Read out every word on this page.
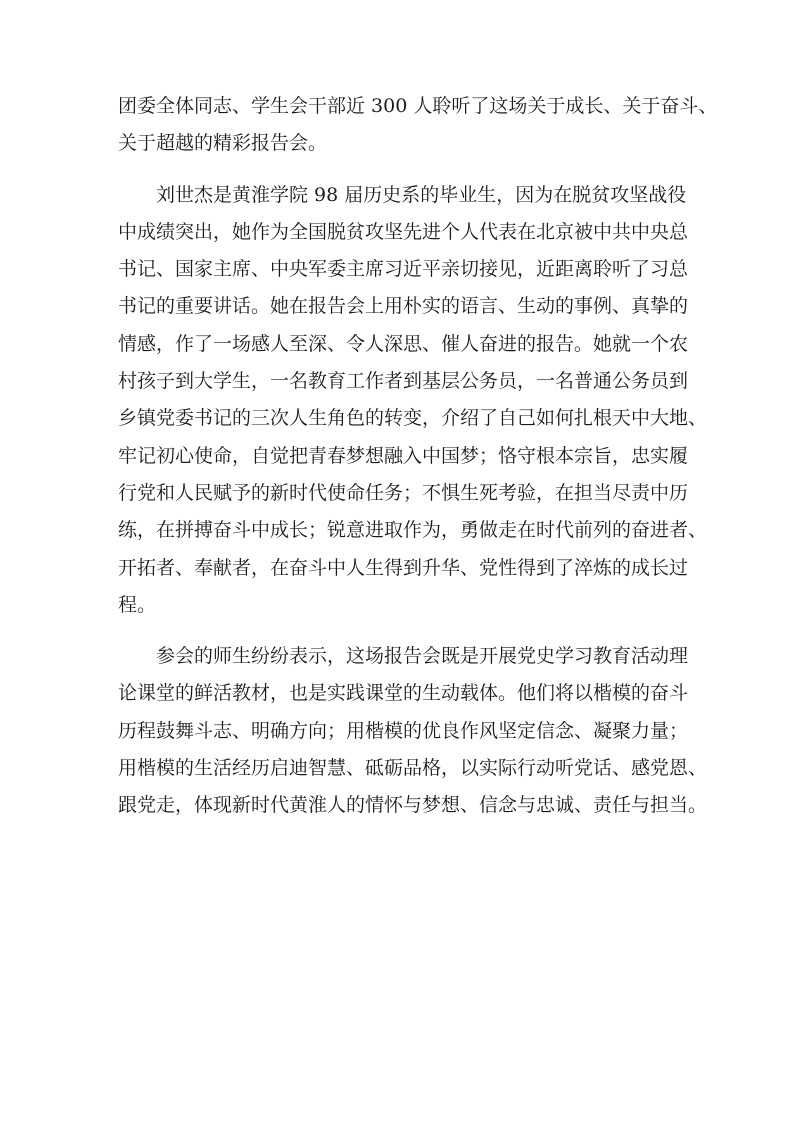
团委全体同志、学生会干部近 300 人聆听了这场关于成长、关于奋斗、
关于超越的精彩报告会。
　　刘世杰是黄淮学院 98 届历史系的毕业生，因为在脱贫攻坚战役
中成绩突出，她作为全国脱贫攻坚先进个人代表在北京被中共中央总
书记、国家主席、中央军委主席习近平亲切接见，近距离聆听了习总
书记的重要讲话。她在报告会上用朴实的语言、生动的事例、真挚的
情感，作了一场感人至深、令人深思、催人奋进的报告。她就一个农
村孩子到大学生，一名教育工作者到基层公务员，一名普通公务员到
乡镇党委书记的三次人生角色的转变，介绍了自己如何扎根天中大地、
牢记初心使命，自觉把青春梦想融入中国梦；恪守根本宗旨，忠实履
行党和人民赋予的新时代使命任务；不惧生死考验，在担当尽责中历
练，在拼搏奋斗中成长；锐意进取作为，勇做走在时代前列的奋进者、
开拓者、奉献者，在奋斗中人生得到升华、党性得到了淬炼的成长过
程。
　　参会的师生纷纷表示，这场报告会既是开展党史学习教育活动理
论课堂的鲜活教材，也是实践课堂的生动载体。他们将以楷模的奋斗
历程鼓舞斗志、明确方向；用楷模的优良作风坚定信念、凝聚力量；
用楷模的生活经历启迪智慧、砥砺品格，以实际行动听党话、感党恩、
跟党走，体现新时代黄淮人的情怀与梦想、信念与忠诚、责任与担当。
